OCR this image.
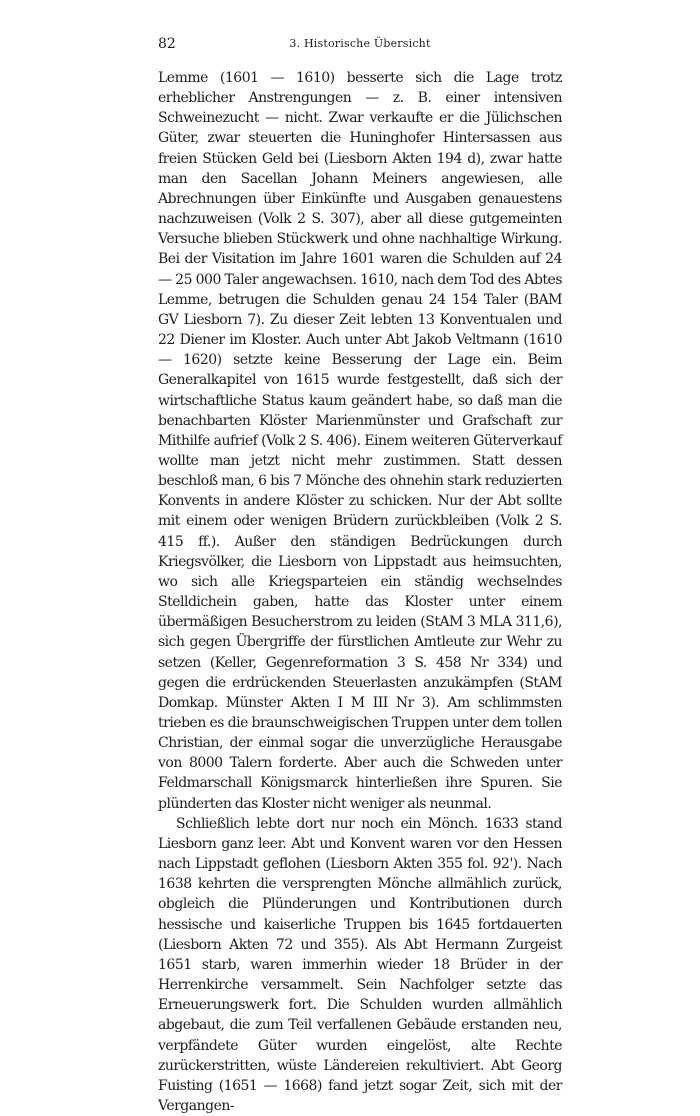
82	3. Historische Übersicht

Lemme (1601 — 1610) besserte sich die Lage trotz erheblicher Anstrengungen — z. B. einer intensiven Schweinezucht — nicht. Zwar verkaufte er die Jülichschen Güter, zwar steuerten die Huninghofer Hintersassen aus freien Stücken Geld bei (Liesborn Akten 194 d), zwar hatte man den Sacellan Johann Meiners angewiesen, alle Abrechnungen über Einkünfte und Ausgaben genauestens nachzuweisen (Volk 2 S. 307), aber all diese gutgemeinten Versuche blieben Stückwerk und ohne nachhaltige Wirkung. Bei der Visitation im Jahre 1601 waren die Schulden auf 24 — 25 000 Taler angewachsen. 1610, nach dem Tod des Abtes Lemme, betrugen die Schulden genau 24 154 Taler (BAM GV Liesborn 7). Zu dieser Zeit lebten 13 Konventualen und 22 Diener im Kloster. Auch unter Abt Jakob Veltmann (1610 — 1620) setzte keine Besserung der Lage ein. Beim Generalkapitel von 1615 wurde festgestellt, daß sich der wirtschaftliche Status kaum geändert habe, so daß man die benachbarten Klöster Marienmünster und Grafschaft zur Mithilfe aufrief (Volk 2 S. 406). Einem weiteren Güterverkauf wollte man jetzt nicht mehr zustimmen. Statt dessen beschloß man, 6 bis 7 Mönche des ohnehin stark reduzierten Konvents in andere Klöster zu schicken. Nur der Abt sollte mit einem oder wenigen Brüdern zurückbleiben (Volk 2 S. 415 ff.). Außer den ständigen Bedrückungen durch Kriegsvölker, die Liesborn von Lippstadt aus heimsuchten, wo sich alle Kriegsparteien ein ständig wechselndes Stelldichein gaben, hatte das Kloster unter einem übermäßigen Besucherstrom zu leiden (StAM 3 MLA 311,6), sich gegen Übergriffe der fürstlichen Amtleute zur Wehr zu setzen (Keller, Gegenreformation 3 S. 458 Nr 334) und gegen die erdrückenden Steuerlasten anzukämpfen (StAM Domkap. Münster Akten I M III Nr 3). Am schlimmsten trieben es die braunschweigischen Truppen unter dem tollen Christian, der einmal sogar die unverzügliche Herausgabe von 8000 Talern forderte. Aber auch die Schweden unter Feldmarschall Königsmarck hinterließen ihre Spuren. Sie plünderten das Kloster nicht weniger als neunmal.

Schließlich lebte dort nur noch ein Mönch. 1633 stand Liesborn ganz leer. Abt und Konvent waren vor den Hessen nach Lippstadt geflohen (Liesborn Akten 355 fol. 92'). Nach 1638 kehrten die versprengten Mönche allmählich zurück, obgleich die Plünderungen und Kontributionen durch hessische und kaiserliche Truppen bis 1645 fortdauerten (Liesborn Akten 72 und 355). Als Abt Hermann Zurgeist 1651 starb, waren immerhin wieder 18 Brüder in der Herrenkirche versammelt. Sein Nachfolger setzte das Erneuerungswerk fort. Die Schulden wurden allmählich abgebaut, die zum Teil verfallenen Gebäude erstanden neu, verpfändete Güter wurden eingelöst, alte Rechte zurückerstritten, wüste Ländereien rekultiviert. Abt Georg Fuisting (1651 — 1668) fand jetzt sogar Zeit, sich mit der Vergangen-
